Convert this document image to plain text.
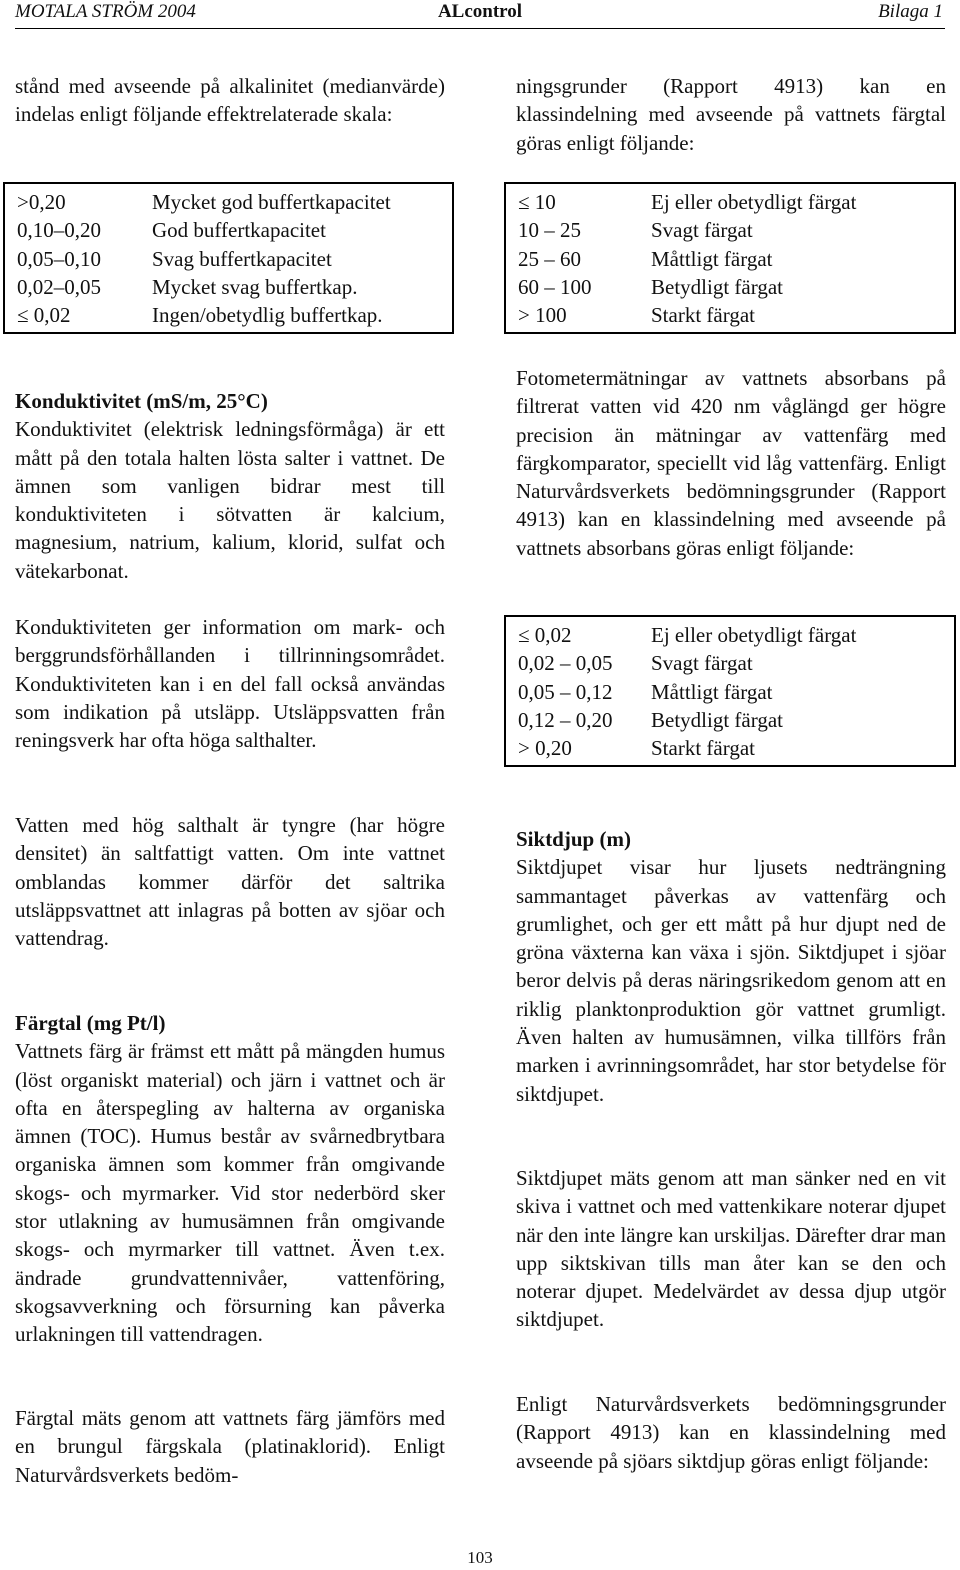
ALcontrol
MOTALA STRÖM 2004	Bilaga 1

stånd med avseende på alkalinitet (medianvärde) indelas enligt följande effektrelaterade skala:

>0,20	Mycket god buffertkapacitet
0,10–0,20 God buffertkapacitet
0,05–0,10 Svag buffertkapacitet
0,02–0,05 Mycket svag buffertkap.
≤ 0,02	Ingen/obetydlig buffertkap.
Konduktivitet (mS/m, 25°C)

Konduktivitet (elektrisk ledningsförmåga) är ett mått på den totala halten lösta salter i vattnet. De ämnen som vanligen bidrar mest till konduktiviteten i sötvatten är kalcium, magnesium, natrium, kalium, klorid, sulfat och vätekarbonat.

Konduktiviteten ger information om mark- och berggrundsförhållanden i tillrinningsområdet. Konduktiviteten kan i en del fall också användas som indikation på utsläpp. Utsläppsvatten från reningsverk har ofta höga salthalter.

Vatten med hög salthalt är tyngre (har högre densitet) än saltfattigt vatten. Om inte vattnet omblandas kommer därför det saltrika utsläppsvattnet att inlagras på botten av sjöar och vattendrag.

Färgtal (mg Pt/l)

Vattnets färg är främst ett mått på mängden humus (löst organiskt material) och järn i vattnet och är ofta en återspegling av halterna av organiska ämnen (TOC). Humus består av svårnedbrytbara organiska ämnen som kommer från omgivande skogs- och myrmarker. Vid stor nederbörd sker stor utlakning av humusämnen från omgivande skogs- och myrmarker till vattnet. Även t.ex. ändrade grundvattennivåer, vattenföring, skogsavverkning och försurning kan påverka urlakningen till vattendragen.

Färgtal mäts genom att vattnets färg jämförs med en brungul färgskala (platinaklorid). Enligt Naturvårdsverkets bedöm-

ningsgrunder (Rapport 4913) kan en klassindelning med avseende på vattnets färgtal göras enligt följande:

≤ 10	Ej eller obetydligt färgat
10 – 25	Svagt färgat
25 – 60	Måttligt färgat
60 – 100	Betydligt färgat
> 100	Starkt färgat

Fotometermätningar av vattnets absorbans på filtrerat vatten vid 420 nm våglängd ger högre precision än mätningar av vattenfärg med färgkomparator, speciellt vid låg vattenfärg. Enligt Naturvårdsverkets bedömningsgrunder (Rapport 4913) kan en klassindelning med avseende på vattnets absorbans göras enligt följande:

≤ 0,02	Ej eller obetydligt färgat
0,02 – 0,05 Svagt färgat
0,05 – 0,12 Måttligt färgat
0,12 – 0,20 Betydligt färgat
> 0,20	Starkt färgat
Siktdjup (m)

Siktdjupet visar hur ljusets nedträngning sammantaget påverkas av vattenfärg och grumlighet, och ger ett mått på hur djupt ned de gröna växterna kan växa i sjön. Siktdjupet i sjöar beror delvis på deras näringsrikedom genom att en riklig planktonproduktion gör vattnet grumligt. Även halten av humusämnen, vilka tillförs från marken i avrinningsområdet, har stor betydelse för siktdjupet.

Siktdjupet mäts genom att man sänker ned en vit skiva i vattnet och med vattenkikare noterar djupet när den inte längre kan urskiljas. Därefter drar man upp siktskivan tills man åter kan se den och noterar djupet. Medelvärdet av dessa djup utgör siktdjupet.

Enligt Naturvårdsverkets bedömningsgrunder (Rapport 4913) kan en klassindelning med avseende på sjöars siktdjup göras enligt följande:

103
